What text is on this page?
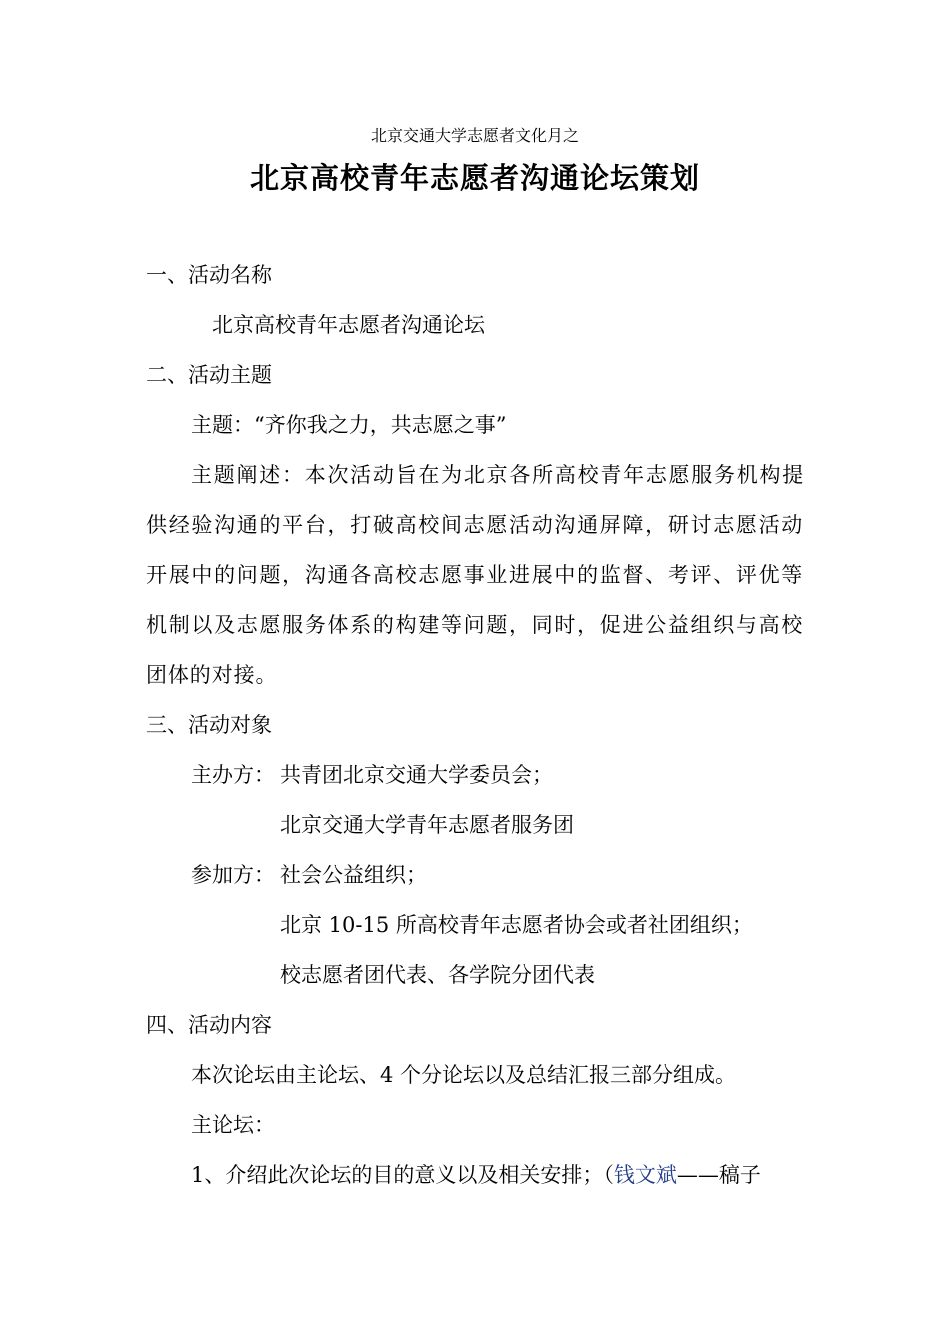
北京交通大学志愿者文化月之
北京高校青年志愿者沟通论坛策划
一、活动名称
北京高校青年志愿者沟通论坛
二、活动主题
主题：“齐你我之力，共志愿之事”
主题阐述：本次活动旨在为北京各所高校青年志愿服务机构提
供经验沟通的平台，打破高校间志愿活动沟通屏障，研讨志愿活动
开展中的问题，沟通各高校志愿事业进展中的监督、考评、评优等
机制以及志愿服务体系的构建等问题，同时，促进公益组织与高校
团体的对接。
三、活动对象
主办方： 共青团北京交通大学委员会；
北京交通大学青年志愿者服务团
参加方： 社会公益组织；
北京 10-15 所高校青年志愿者协会或者社团组织；
校志愿者团代表、各学院分团代表
四、活动内容
本次论坛由主论坛、4 个分论坛以及总结汇报三部分组成。
主论坛：
1、介绍此次论坛的目的意义以及相关安排；（钱文斌——稿子
